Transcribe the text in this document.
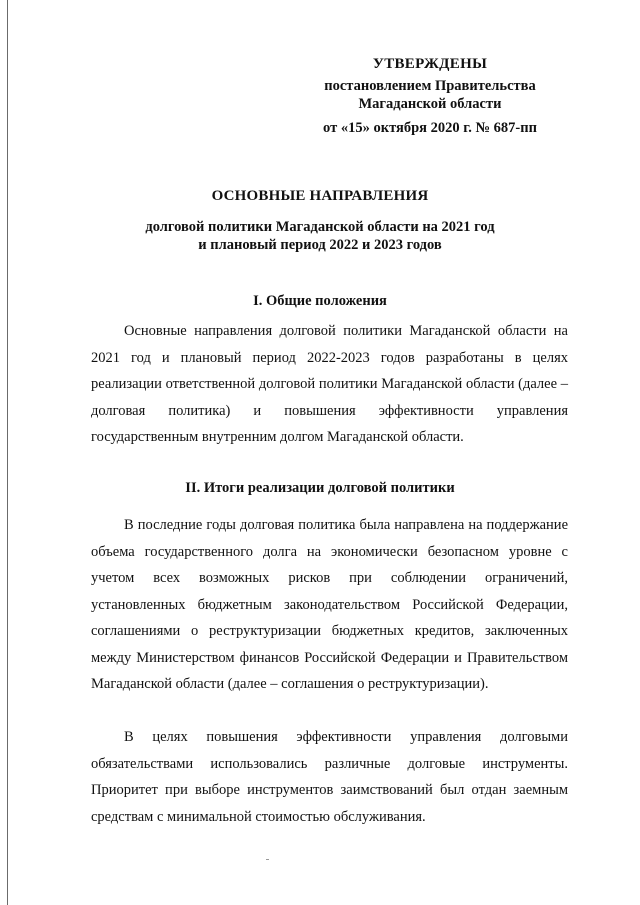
УТВЕРЖДЕНЫ
постановлением Правительства
Магаданской области
от «15» октября 2020 г. № 687-пп
ОСНОВНЫЕ НАПРАВЛЕНИЯ
долговой политики Магаданской области на 2021 год
и плановый период 2022 и 2023 годов
I. Общие положения
Основные направления долговой политики Магаданской области на 2021 год и плановый период 2022-2023 годов разработаны в целях реализации ответственной долговой политики Магаданской области (далее – долговая политика) и повышения эффективности управления государственным внутренним долгом Магаданской области.
II. Итоги реализации долговой политики
В последние годы долговая политика была направлена на поддержание объема государственного долга на экономически безопасном уровне с учетом всех возможных рисков при соблюдении ограничений, установленных бюджетным законодательством Российской Федерации, соглашениями о реструктуризации бюджетных кредитов, заключенных между Министерством финансов Российской Федерации и Правительством Магаданской области (далее – соглашения о реструктуризации).
В целях повышения эффективности управления долговыми обязательствами использовались различные долговые инструменты. Приоритет при выборе инструментов заимствований был отдан заемным средствам с минимальной стоимостью обслуживания.
